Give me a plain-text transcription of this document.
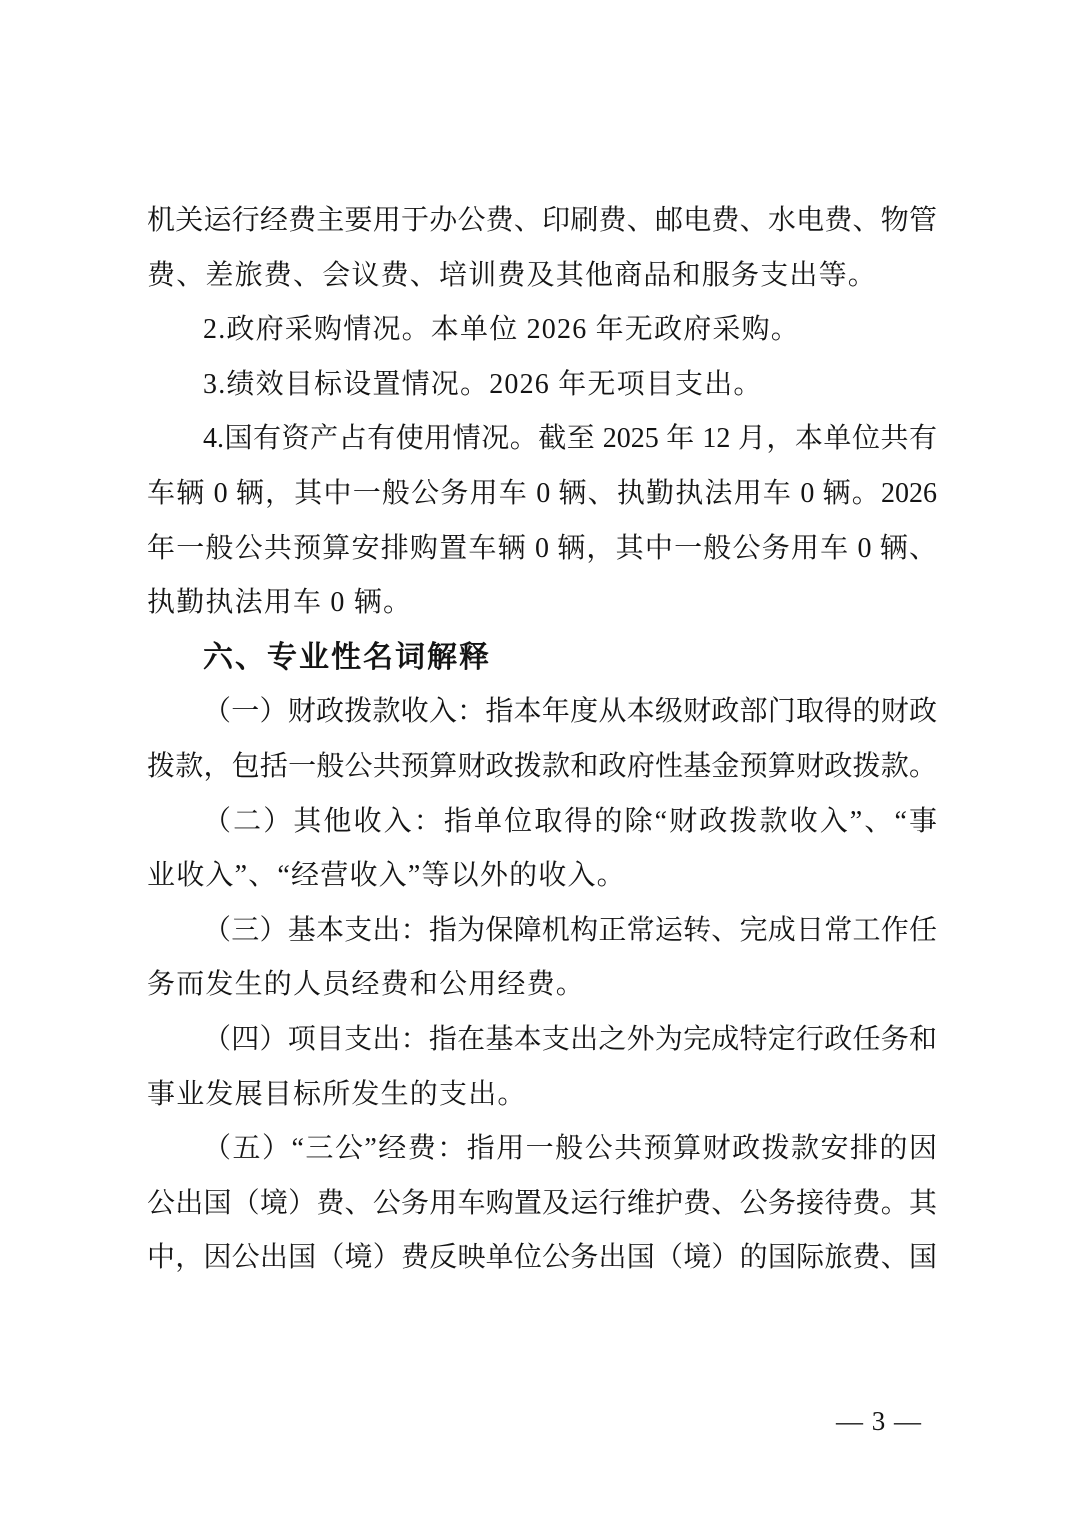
机关运行经费主要用于办公费、印刷费、邮电费、水电费、物管
费、差旅费、会议费、培训费及其他商品和服务支出等。
2.政府采购情况。本单位 2026 年无政府采购。
3.绩效目标设置情况。2026 年无项目支出。
4.国有资产占有使用情况。截至 2025 年 12 月，本单位共有
车辆 0 辆，其中一般公务用车 0 辆、执勤执法用车 0 辆。2026
年一般公共预算安排购置车辆 0 辆，其中一般公务用车 0 辆、
执勤执法用车 0 辆。
六、专业性名词解释
（一）财政拨款收入：指本年度从本级财政部门取得的财政
拨款，包括一般公共预算财政拨款和政府性基金预算财政拨款。
（二）其他收入：指单位取得的除“财政拨款收入”、“事
业收入”、“经营收入”等以外的收入。
（三）基本支出：指为保障机构正常运转、完成日常工作任
务而发生的人员经费和公用经费。
（四）项目支出：指在基本支出之外为完成特定行政任务和
事业发展目标所发生的支出。
（五）“三公”经费：指用一般公共预算财政拨款安排的因
公出国（境）费、公务用车购置及运行维护费、公务接待费。其
中，因公出国（境）费反映单位公务出国（境）的国际旅费、国
— 3 —
